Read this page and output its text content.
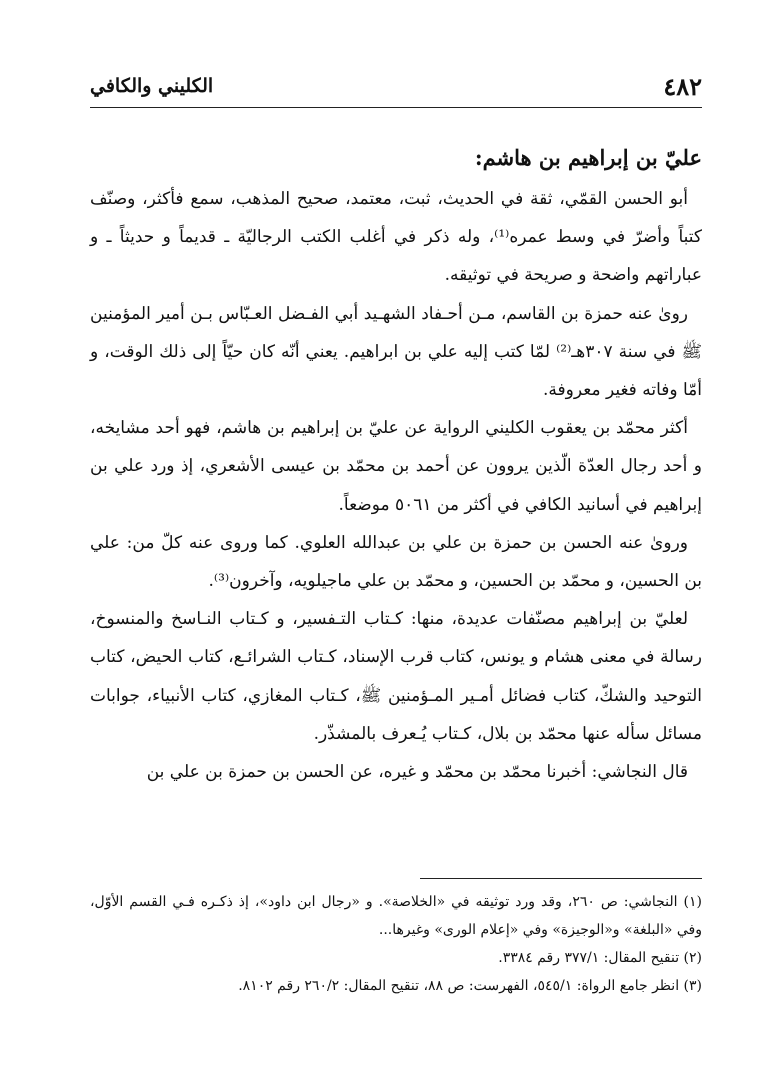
٤٨٢
الكليني والكافي
عليّ بن إبراهيم بن هاشم:

أبو الحسن القمّي، ثقة في الحديث، ثبت، معتمد، صحيح المذهب، سمع فأكثر، وصنّف كتباً وأضرّ في وسط عمره⁽¹⁾، وله ذكر في أغلب الكتب الرجاليّة ـ قديماً و حديثاً ـ و عباراتهم واضحة و صريحة في توثيقه.

رویٰ عنه حمزة بن القاسم، مـن أحـفاد الشهـيد أبي الفـضل العـبّاس بـن أمير المؤمنين ﷺ في سنة ٣٠٧هـ⁽²⁾ لمّا كتب إليه علي بن ابراهيم. يعني أنّه كان حيّاً إلى ذلك الوقت، و أمّا وفاته فغير معروفة.

أكثر محمّد بن يعقوب الكليني الرواية عن عليّ بن إبراهيم بن هاشم، فهو أحد مشايخه، و أحد رجال العدّة الّذين يروون عن أحمد بن محمّد بن عيسى الأشعري، إذ ورد علي بن إبراهيم في أسانيد الكافي في أكثر من ٥٠٦١ موضعاً.

ورویٰ عنه الحسن بن حمزة بن علي بن عبدالله العلوي. كما وروی عنه كلّ من: علي بن الحسين، و محمّد بن الحسين، و محمّد بن علي ماجيلويه، وآخرون⁽³⁾.

لعليّ بن إبراهيم مصنّفات عديدة، منها: كـتاب التـفسير، و كـتاب النـاسخ والمنسوخ، رسالة في معنى هشام و يونس، كتاب قرب الإسناد، كـتاب الشرائـع، كتاب الحيض، كتاب التوحيد والشكّ، كتاب فضائل أمـير المـؤمنين ﷺ، كـتاب المغازي، كتاب الأنبياء، جوابات مسائل سأله عنها محمّد بن بلال، كـتاب يُـعرف بالمشذّر.

قال النجاشي: أخبرنا محمّد بن محمّد و غيره، عن الحسن بن حمزة بن علي بن

(١) النجاشي: ص ٢٦٠، وقد ورد توثيقه في «الخلاصة». و «رجال ابن داود»، إذ ذكـره فـي القسم الأوّل، وفي «البلغة» و«الوجيزة» وفي «إعلام الورى» وغيرها...

(٢) تنقيح المقال: ٣٧٧/١ رقم ٣٣٨٤.

(٣) انظر جامع الرواة: ٥٤٥/١، الفهرست: ص ٨٨، تنقيح المقال: ٢٦٠/٢ رقم ٨١٠٢.
